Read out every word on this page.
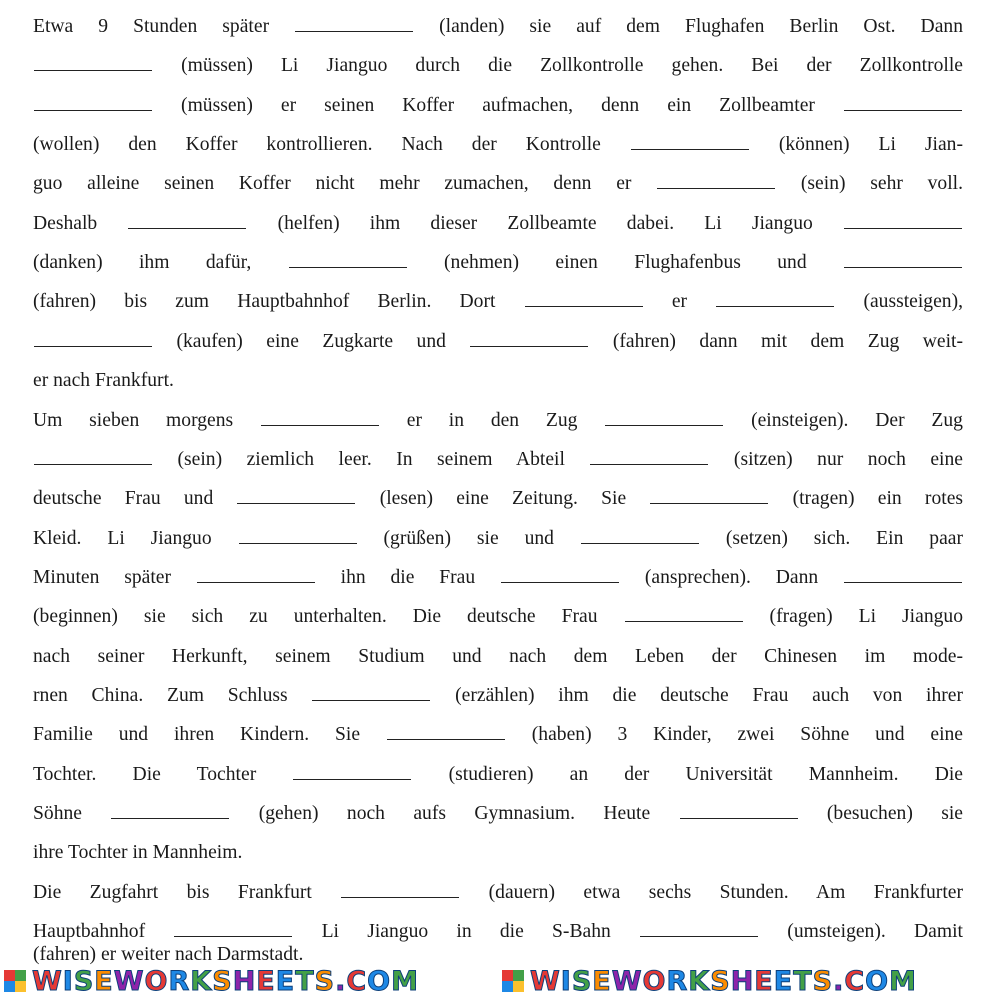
Etwa 9 Stunden später	(landen) sie auf dem Flughafen Berlin Ost. Dann
(müssen) Li Jianguo durch die Zollkontrolle gehen. Bei der Zollkontrolle
(müssen) er seinen Koffer aufmachen, denn ein Zollbeamter
(wollen) den Koffer kontrollieren. Nach der Kontrolle	(können) Li Jian-
guo alleine seinen Koffer nicht mehr zumachen, denn er	(sein) sehr voll.
Deshalb	(helfen) ihm dieser Zollbeamte dabei. Li Jianguo
(danken) ihm dafür,	(nehmen) einen Flughafenbus und
(fahren) bis zum Hauptbahnhof Berlin. Dort	er	(aussteigen),
(kaufen) eine Zugkarte und	(fahren) dann mit dem Zug weit-
er nach Frankfurt.
Um sieben morgens	er in den Zug	(einsteigen). Der Zug
(sein) ziemlich leer. In seinem Abteil	(sitzen) nur noch eine
deutsche Frau und	(lesen) eine Zeitung. Sie	(tragen) ein rotes
Kleid. Li Jianguo	(grüßen) sie und	(setzen) sich. Ein paar
Minuten später	ihn die Frau	(ansprechen). Dann
(beginnen) sie sich zu unterhalten. Die deutsche Frau	(fragen) Li Jianguo
nach seiner Herkunft, seinem Studium und nach dem Leben der Chinesen im mode-
rnen China. Zum Schluss	(erzählen) ihm die deutsche Frau auch von ihrer
Familie und ihren Kindern. Sie	(haben) 3 Kinder, zwei Söhne und eine
Tochter. Die Tochter	(studieren) an der Universität Mannheim. Die
Söhne	(gehen) noch aufs Gymnasium. Heute	(besuchen) sie
ihre Tochter in Mannheim.
Die Zugfahrt bis Frankfurt	(dauern) etwa sechs Stunden. Am Frankfurter
Hauptbahnhof	Li Jianguo in die S-Bahn	(umsteigen). Damit
(fahren) er weiter nach Darmstadt.
WISEWORKSHEETS.COM	WISEWORKSHEETS.COM
